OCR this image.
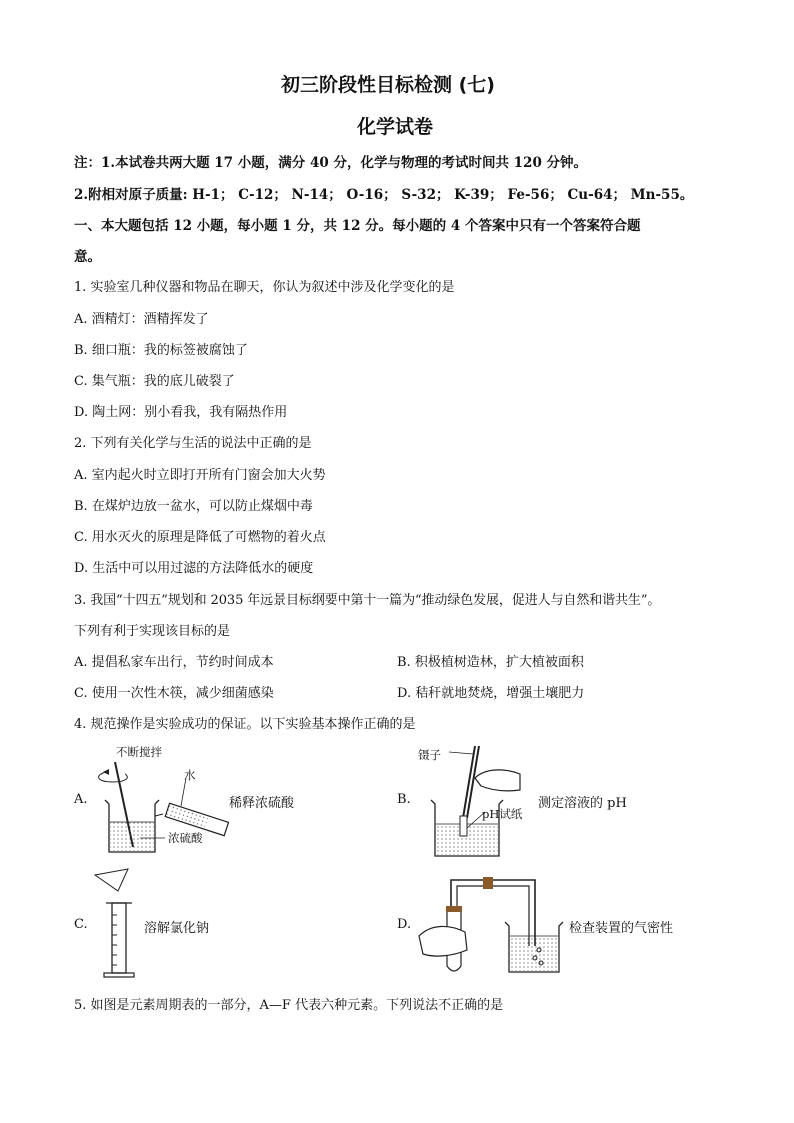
初三阶段性目标检测 (七)
化学试卷
注：1.本试卷共两大题 17 小题，满分 40 分，化学与物理的考试时间共 120 分钟。
2.附相对原子质量: H-1； C-12； N-14； O-16； S-32； K-39； Fe-56； Cu-64； Mn-55。
一、本大题包括 12 小题，每小题 1 分，共 12 分。每小题的 4 个答案中只有一个答案符合题
意。
1. 实验室几种仪器和物品在聊天，你认为叙述中涉及化学变化的是
A. 酒精灯：酒精挥发了
B. 细口瓶：我的标签被腐蚀了
C. 集气瓶：我的底儿破裂了
D. 陶土网：别小看我，我有隔热作用
2. 下列有关化学与生活的说法中正确的是
A. 室内起火时立即打开所有门窗会加大火势
B. 在煤炉边放一盆水，可以防止煤烟中毒
C. 用水灭火的原理是降低了可燃物的着火点
D. 生活中可以用过滤的方法降低水的硬度
3. 我国“十四五”规划和 2035 年远景目标纲要中第十一篇为“推动绿色发展，促进人与自然和谐共生”。
下列有利于实现该目标的是
A. 提倡私家车出行，节约时间成本	B. 积极植树造林，扩大植被面积
C. 使用一次性木筷，减少细菌感染	D. 秸秆就地焚烧，增强土壤肥力
4. 规范操作是实验成功的保证。以下实验基本操作正确的是
A.
不断搅拌
水
稀释浓硫酸
浓硫酸
B.
镊子
pH试纸
测定溶液的 pH
C.	溶解氯化钠	D.	检查装置的气密性
5. 如图是元素周期表的一部分，A—F 代表六种元素。下列说法不正确的是
